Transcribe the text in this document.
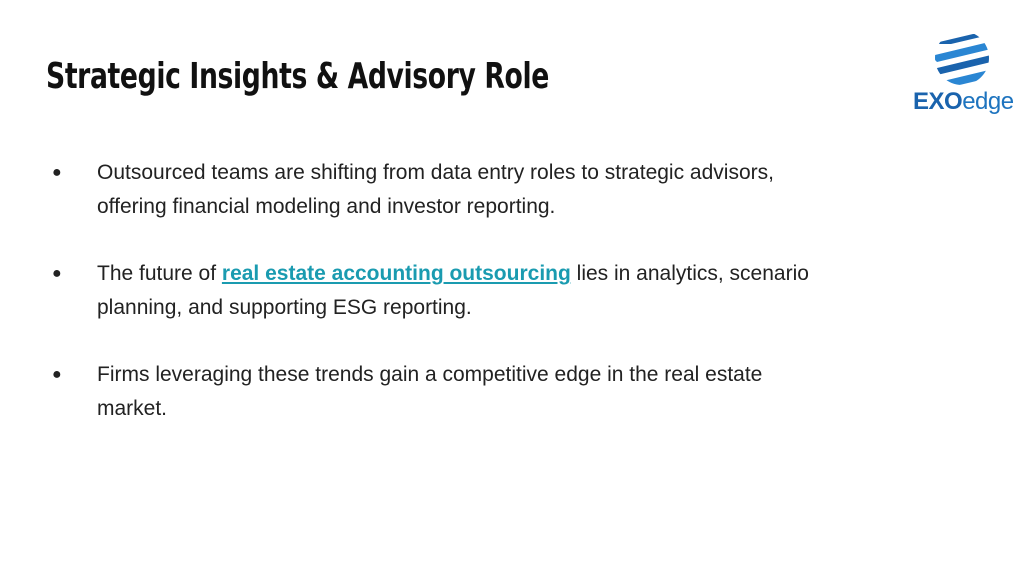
Strategic Insights & Advisory Role
EXOedge
● Outsourced teams are shifting from data entry roles to strategic advisors, offering financial modeling and investor reporting.
● The future of real estate accounting outsourcing lies in analytics, scenario planning, and supporting ESG reporting.
● Firms leveraging these trends gain a competitive edge in the real estate market.
